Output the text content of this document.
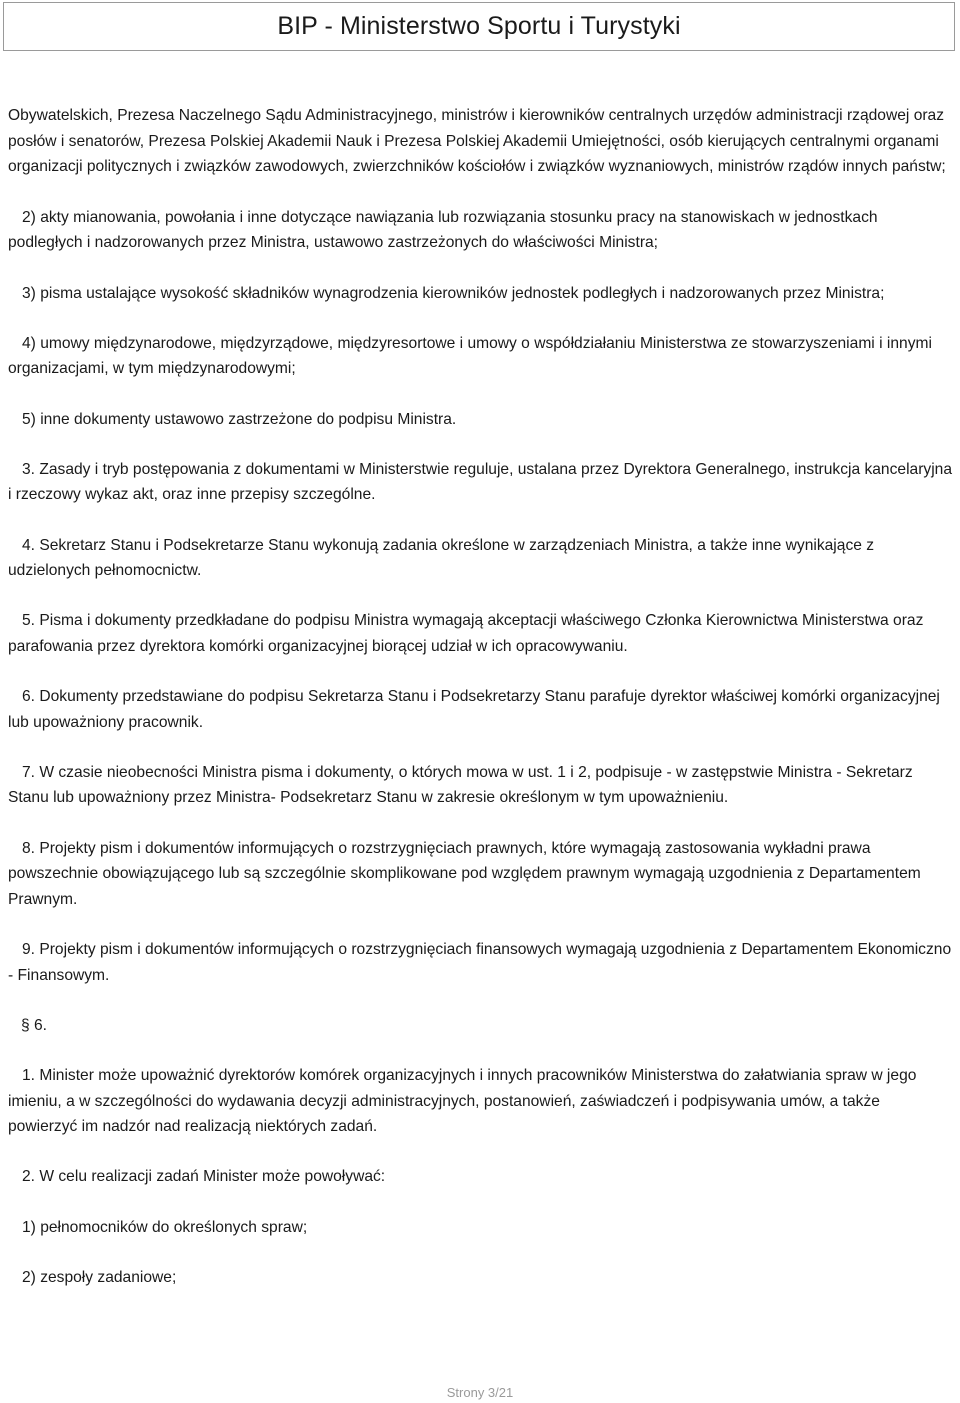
BIP - Ministerstwo Sportu i Turystyki

Obywatelskich, Prezesa Naczelnego Sądu Administracyjnego, ministrów i kierowników centralnych urzędów administracji rządowej oraz posłów i senatorów, Prezesa Polskiej Akademii Nauk i Prezesa Polskiej Akademii Umiejętności, osób kierujących centralnymi organami organizacji politycznych i związków zawodowych, zwierzchników kościołów i związków wyznaniowych, ministrów rządów innych państw;

2) akty mianowania, powołania i inne dotyczące nawiązania lub rozwiązania stosunku pracy na stanowiskach w jednostkach podległych i nadzorowanych przez Ministra, ustawowo zastrzeżonych do właściwości Ministra;

3) pisma ustalające wysokość składników wynagrodzenia kierowników jednostek podległych i nadzorowanych przez Ministra;

4) umowy międzynarodowe, międzyrządowe, międzyresortowe i umowy o współdziałaniu Ministerstwa ze stowarzyszeniami i innymi organizacjami, w tym międzynarodowymi;

5) inne dokumenty ustawowo zastrzeżone do podpisu Ministra.

3. Zasady i tryb postępowania z dokumentami w Ministerstwie reguluje, ustalana przez Dyrektora Generalnego, instrukcja kancelaryjna i rzeczowy wykaz akt, oraz inne przepisy szczególne.

4. Sekretarz Stanu i Podsekretarze Stanu wykonują zadania określone w zarządzeniach Ministra, a także inne wynikające z udzielonych pełnomocnictw.

5. Pisma i dokumenty przedkładane do podpisu Ministra wymagają akceptacji właściwego Członka Kierownictwa Ministerstwa oraz parafowania przez dyrektora komórki organizacyjnej biorącej udział w ich opracowywaniu.

6. Dokumenty przedstawiane do podpisu Sekretarza Stanu i Podsekretarzy Stanu parafuje dyrektor właściwej komórki organizacyjnej lub upoważniony pracownik.

7. W czasie nieobecności Ministra pisma i dokumenty, o których mowa w ust. 1 i 2, podpisuje - w zastępstwie Ministra - Sekretarz Stanu lub upoważniony przez Ministra- Podsekretarz Stanu w zakresie określonym w tym upoważnieniu.

8. Projekty pism i dokumentów informujących o rozstrzygnięciach prawnych, które wymagają zastosowania wykładni prawa powszechnie obowiązującego lub są szczególnie skomplikowane pod względem prawnym wymagają uzgodnienia z Departamentem Prawnym.

9. Projekty pism i dokumentów informujących o rozstrzygnięciach finansowych wymagają uzgodnienia z Departamentem Ekonomiczno - Finansowym.

§ 6.

1. Minister może upoważnić dyrektorów komórek organizacyjnych i innych pracowników Ministerstwa do załatwiania spraw w jego imieniu, a w szczególności do wydawania decyzji administracyjnych, postanowień, zaświadczeń i podpisywania umów, a także powierzyć im nadzór nad realizacją niektórych zadań.

2. W celu realizacji zadań Minister może powoływać:

1) pełnomocników do określonych spraw;

2) zespoły zadaniowe;

Strony 3/21
